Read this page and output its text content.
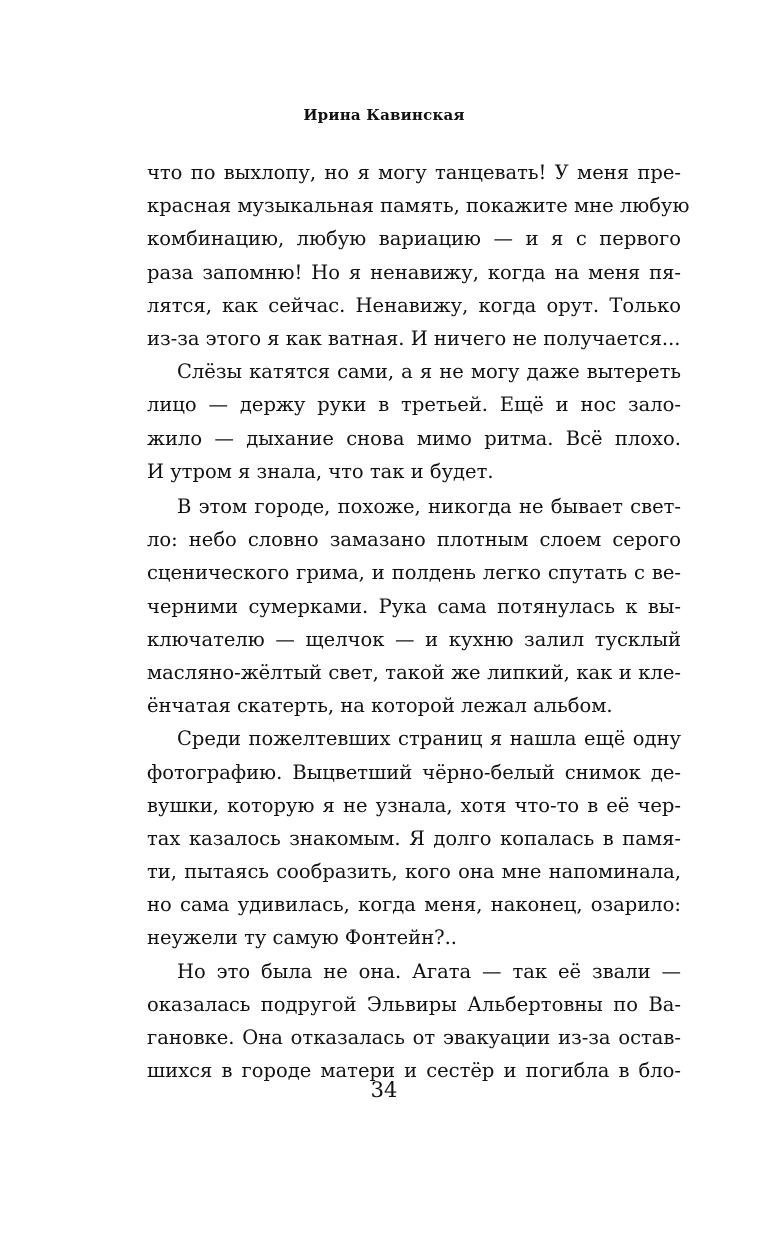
Ирина Кавинская
что по выхлопу, но я могу танцевать! У меня пре-
красная музыкальная память, покажите мне любую
комбинацию, любую вариацию — и я с первого
раза запомню! Но я ненавижу, когда на меня пя-
лятся, как сейчас. Ненавижу, когда орут. Только
из-за этого я как ватная. И ничего не получается...
Слёзы катятся сами, а я не могу даже вытереть
лицо — держу руки в третьей. Ещё и нос зало-
жило — дыхание снова мимо ритма. Всё плохо.
И утром я знала, что так и будет.
В этом городе, похоже, никогда не бывает свет-
ло: небо словно замазано плотным слоем серого
сценического грима, и полдень легко спутать с ве-
черними сумерками. Рука сама потянулась к вы-
ключателю — щелчок — и кухню залил тусклый
масляно-жёлтый свет, такой же липкий, как и кле-
ёнчатая скатерть, на которой лежал альбом.
Среди пожелтевших страниц я нашла ещё одну
фотографию. Выцветший чёрно-белый снимок де-
вушки, которую я не узнала, хотя что-то в её чер-
тах казалось знакомым. Я долго копалась в памя-
ти, пытаясь сообразить, кого она мне напоминала,
но сама удивилась, когда меня, наконец, озарило:
неужели ту самую Фонтейн?..
Но это была не она. Агата — так её звали —
оказалась подругой Эльвиры Альбертовны по Ва-
гановке. Она отказалась от эвакуации из-за остав-
шихся в городе матери и сестёр и погибла в бло-
34
